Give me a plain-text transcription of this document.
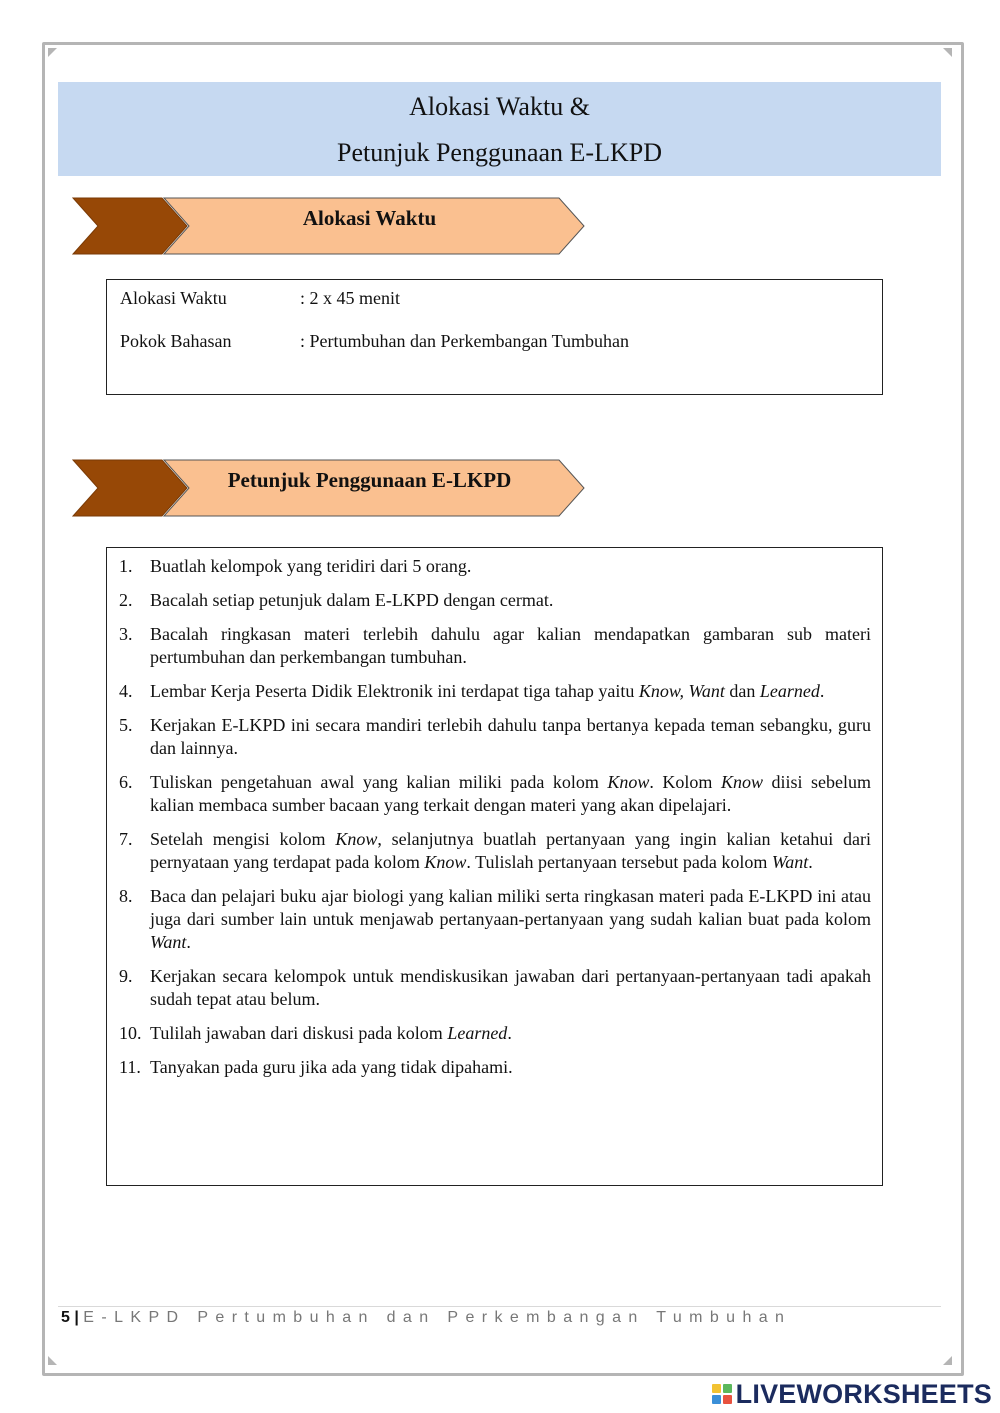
Alokasi Waktu &
Petunjuk Penggunaan E-LKPD
Alokasi Waktu
Alokasi Waktu	: 2 x 45 menit
Pokok Bahasan	: Pertumbuhan dan Perkembangan Tumbuhan
Petunjuk Penggunaan E-LKPD
1. Buatlah kelompok yang teridiri dari 5 orang.
2. Bacalah setiap petunjuk dalam E-LKPD dengan cermat.
3. Bacalah ringkasan materi terlebih dahulu agar kalian mendapatkan gambaran sub materi pertumbuhan dan perkembangan tumbuhan.
4. Lembar Kerja Peserta Didik Elektronik ini terdapat tiga tahap yaitu Know, Want dan Learned.
5. Kerjakan E-LKPD ini secara mandiri terlebih dahulu tanpa bertanya kepada teman sebangku, guru dan lainnya.
6. Tuliskan pengetahuan awal yang kalian miliki pada kolom Know. Kolom Know diisi sebelum kalian membaca sumber bacaan yang terkait dengan materi yang akan dipelajari.
7. Setelah mengisi kolom Know, selanjutnya buatlah pertanyaan yang ingin kalian ketahui dari pernyataan yang terdapat pada kolom Know. Tulislah pertanyaan tersebut pada kolom Want.
8. Baca dan pelajari buku ajar biologi yang kalian miliki serta ringkasan materi pada E-LKPD ini atau juga dari sumber lain untuk menjawab pertanyaan-pertanyaan yang sudah kalian buat pada kolom Want.
9. Kerjakan secara kelompok untuk mendiskusikan jawaban dari pertanyaan-pertanyaan tadi apakah sudah tepat atau belum.
10. Tulilah jawaban dari diskusi pada kolom Learned.
11. Tanyakan pada guru jika ada yang tidak dipahami.
5 | E-LKPD Pertumbuhan dan Perkembangan Tumbuhan
LIVEWORKSHEETS
